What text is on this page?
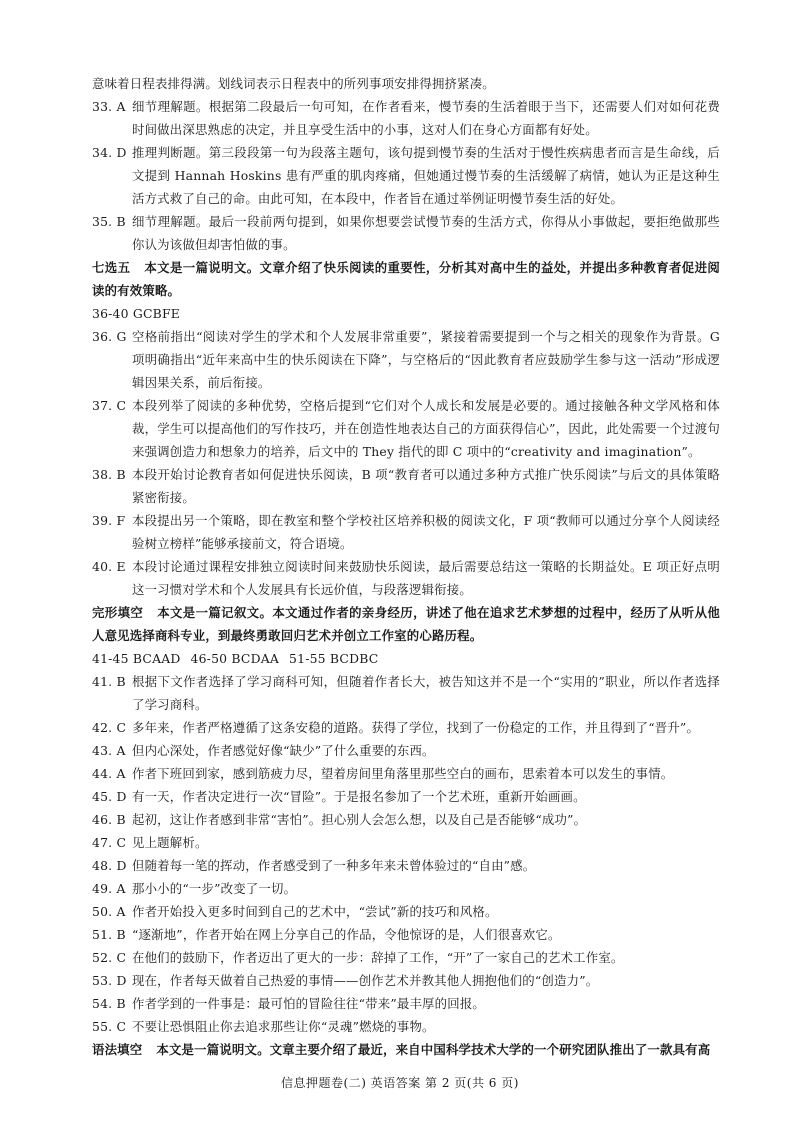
意味着日程表排得满。划线词表示日程表中的所列事项安排得拥挤紧凑。

33. A 细节理解题。根据第二段最后一句可知，在作者看来，慢节奏的生活着眼于当下，还需要人们对如何花费时间做出深思熟虑的决定，并且享受生活中的小事，这对人们在身心方面都有好处。

34. D 推理判断题。第三段段第一句为段落主题句，该句提到慢节奏的生活对于慢性疾病患者而言是生命线，后文提到 Hannah Hoskins 患有严重的肌肉疼痛，但她通过慢节奏的生活缓解了病情，她认为正是这种生活方式救了自己的命。由此可知，在本段中，作者旨在通过举例证明慢节奏生活的好处。

35. B 细节理解题。最后一段前两句提到，如果你想要尝试慢节奏的生活方式，你得从小事做起，要拒绝做那些你认为该做但却害怕做的事。

七选五 本文是一篇说明文。文章介绍了快乐阅读的重要性，分析其对高中生的益处，并提出多种教育者促进阅读的有效策略。

36-40 GCBFE

36. G 空格前指出“阅读对学生的学术和个人发展非常重要”，紧接着需要提到一个与之相关的现象作为背景。G项明确指出“近年来高中生的快乐阅读在下降”，与空格后的“因此教育者应鼓励学生参与这一活动”形成逻辑因果关系，前后衔接。

37. C 本段列举了阅读的多种优势，空格后提到“它们对个人成长和发展是必要的。通过接触各种文学风格和体裁，学生可以提高他们的写作技巧，并在创造性地表达自己的方面获得信心”，因此，此处需要一个过渡句来强调创造力和想象力的培养，后文中的 They 指代的即 C 项中的“creativity and imagination”。

38. B 本段开始讨论教育者如何促进快乐阅读，B 项“教育者可以通过多种方式推广快乐阅读”与后文的具体策略紧密衔接。

39. F 本段提出另一个策略，即在教室和整个学校社区培养积极的阅读文化，F 项“教师可以通过分享个人阅读经验树立榜样”能够承接前文，符合语境。

40. E 本段讨论通过课程安排独立阅读时间来鼓励快乐阅读，最后需要总结这一策略的长期益处。E 项正好点明这一习惯对学术和个人发展具有长远价值，与段落逻辑衔接。

完形填空 本文是一篇记叙文。本文通过作者的亲身经历，讲述了他在追求艺术梦想的过程中，经历了从听从他人意见选择商科专业，到最终勇敢回归艺术并创立工作室的心路历程。

41-45 BCAAD 46-50 BCDAA 51-55 BCDBC

41. B 根据下文作者选择了学习商科可知，但随着作者长大，被告知这并不是一个“实用的”职业，所以作者选择了学习商科。

42. C 多年来，作者严格遵循了这条安稳的道路。获得了学位，找到了一份稳定的工作，并且得到了“晋升”。

43. A 但内心深处，作者感觉好像“缺少”了什么重要的东西。

44. A 作者下班回到家，感到筋疲力尽，望着房间里角落里那些空白的画布，思索着本可以发生的事情。

45. D 有一天，作者决定进行一次“冒险”。于是报名参加了一个艺术班，重新开始画画。

46. B 起初，这让作者感到非常“害怕”。担心别人会怎么想，以及自己是否能够“成功”。

47. C 见上题解析。

48. D 但随着每一笔的挥动，作者感受到了一种多年来未曾体验过的“自由”感。

49. A 那小小的“一步”改变了一切。

50. A 作者开始投入更多时间到自己的艺术中，“尝试”新的技巧和风格。

51. B “逐渐地”，作者开始在网上分享自己的作品，令他惊讶的是，人们很喜欢它。

52. C 在他们的鼓励下，作者迈出了更大的一步：辞掉了工作，“开”了一家自己的艺术工作室。

53. D 现在，作者每天做着自己热爱的事情——创作艺术并教其他人拥抱他们的“创造力”。

54. B 作者学到的一件事是：最可怕的冒险往往“带来”最丰厚的回报。

55. C 不要让恐惧阻止你去追求那些让你“灵魂”燃烧的事物。

语法填空 本文是一篇说明文。文章主要介绍了最近，来自中国科学技术大学的一个研究团队推出了一款具有高

信息押题卷(二) 英语答案 第 2 页(共 6 页)
